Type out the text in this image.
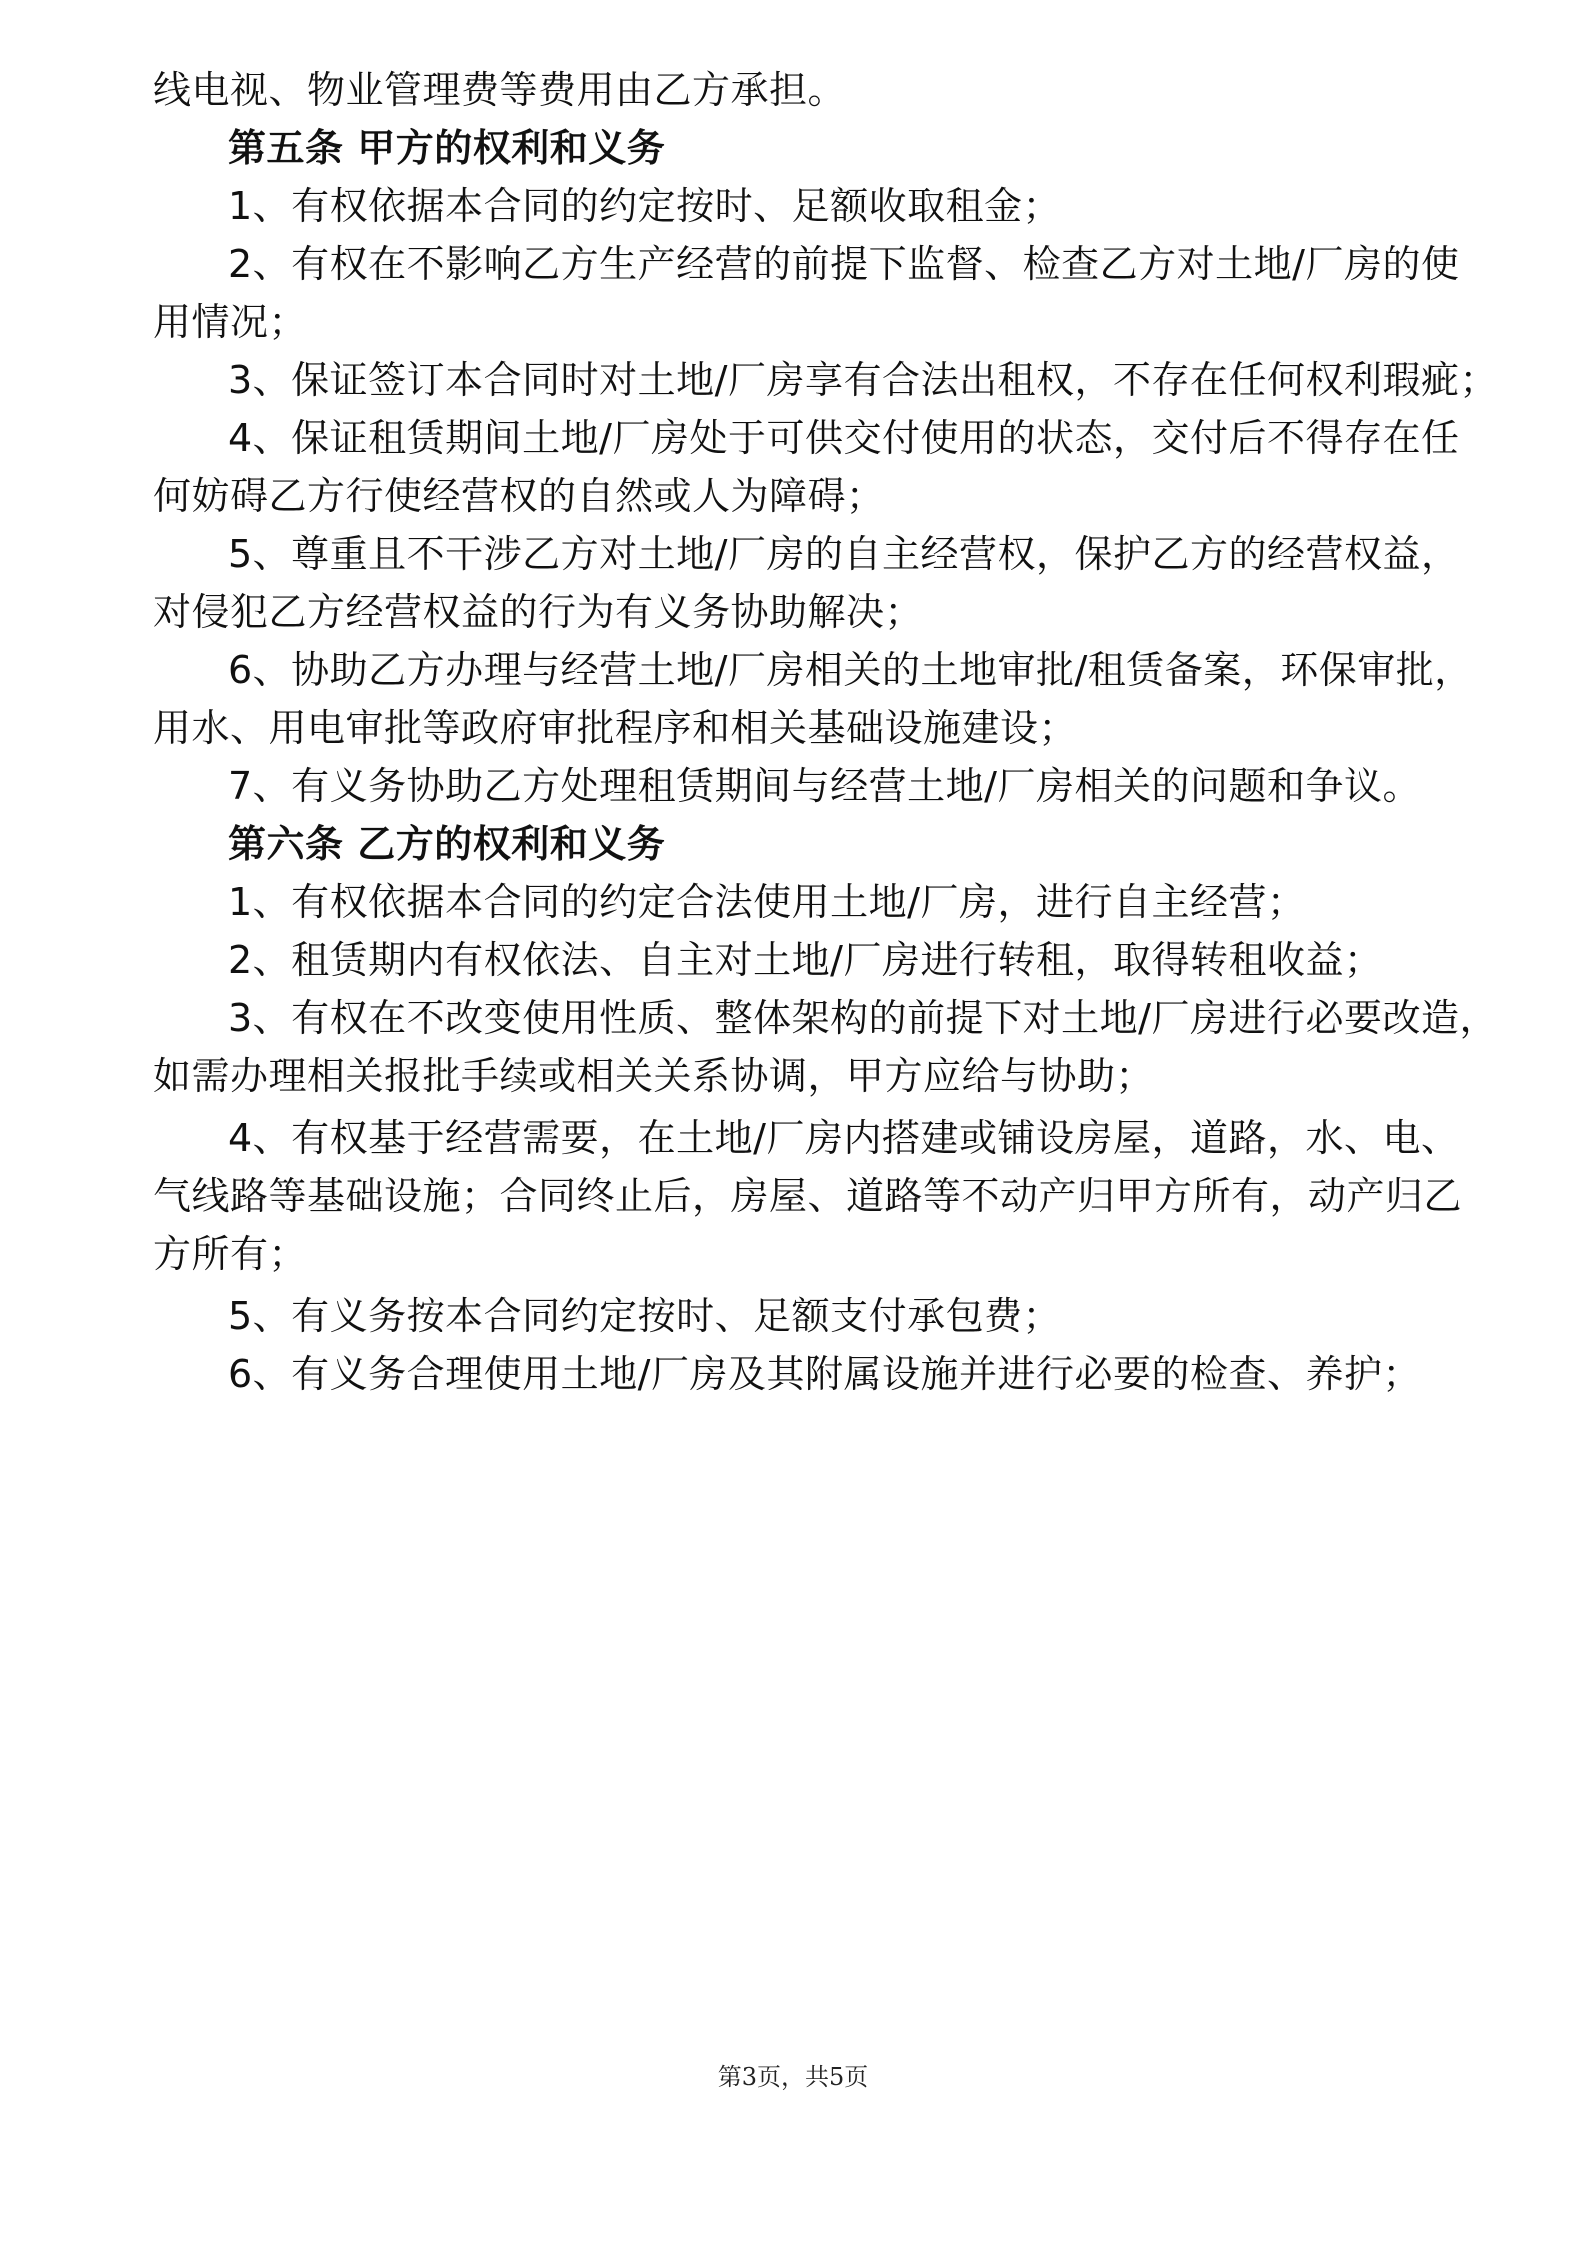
线电视、物业管理费等费用由乙方承担。
第五条 甲方的权利和义务
1、有权依据本合同的约定按时、足额收取租金；
2、有权在不影响乙方生产经营的前提下监督、检查乙方对土地/厂房的使
用情况；
3、保证签订本合同时对土地/厂房享有合法出租权，不存在任何权利瑕疵；
4、保证租赁期间土地/厂房处于可供交付使用的状态，交付后不得存在任
何妨碍乙方行使经营权的自然或人为障碍；
5、尊重且不干涉乙方对土地/厂房的自主经营权，保护乙方的经营权益，
对侵犯乙方经营权益的行为有义务协助解决；
6、协助乙方办理与经营土地/厂房相关的土地审批/租赁备案，环保审批，
用水、用电审批等政府审批程序和相关基础设施建设；
7、有义务协助乙方处理租赁期间与经营土地/厂房相关的问题和争议。
第六条 乙方的权利和义务
1、有权依据本合同的约定合法使用土地/厂房，进行自主经营；
2、租赁期内有权依法、自主对土地/厂房进行转租，取得转租收益；
3、有权在不改变使用性质、整体架构的前提下对土地/厂房进行必要改造，
如需办理相关报批手续或相关关系协调，甲方应给与协助；
4、有权基于经营需要，在土地/厂房内搭建或铺设房屋，道路，水、电、
气线路等基础设施；合同终止后，房屋、道路等不动产归甲方所有，动产归乙
方所有；
5、有义务按本合同约定按时、足额支付承包费；
6、有义务合理使用土地/厂房及其附属设施并进行必要的检查、养护；
第3页，共5页
